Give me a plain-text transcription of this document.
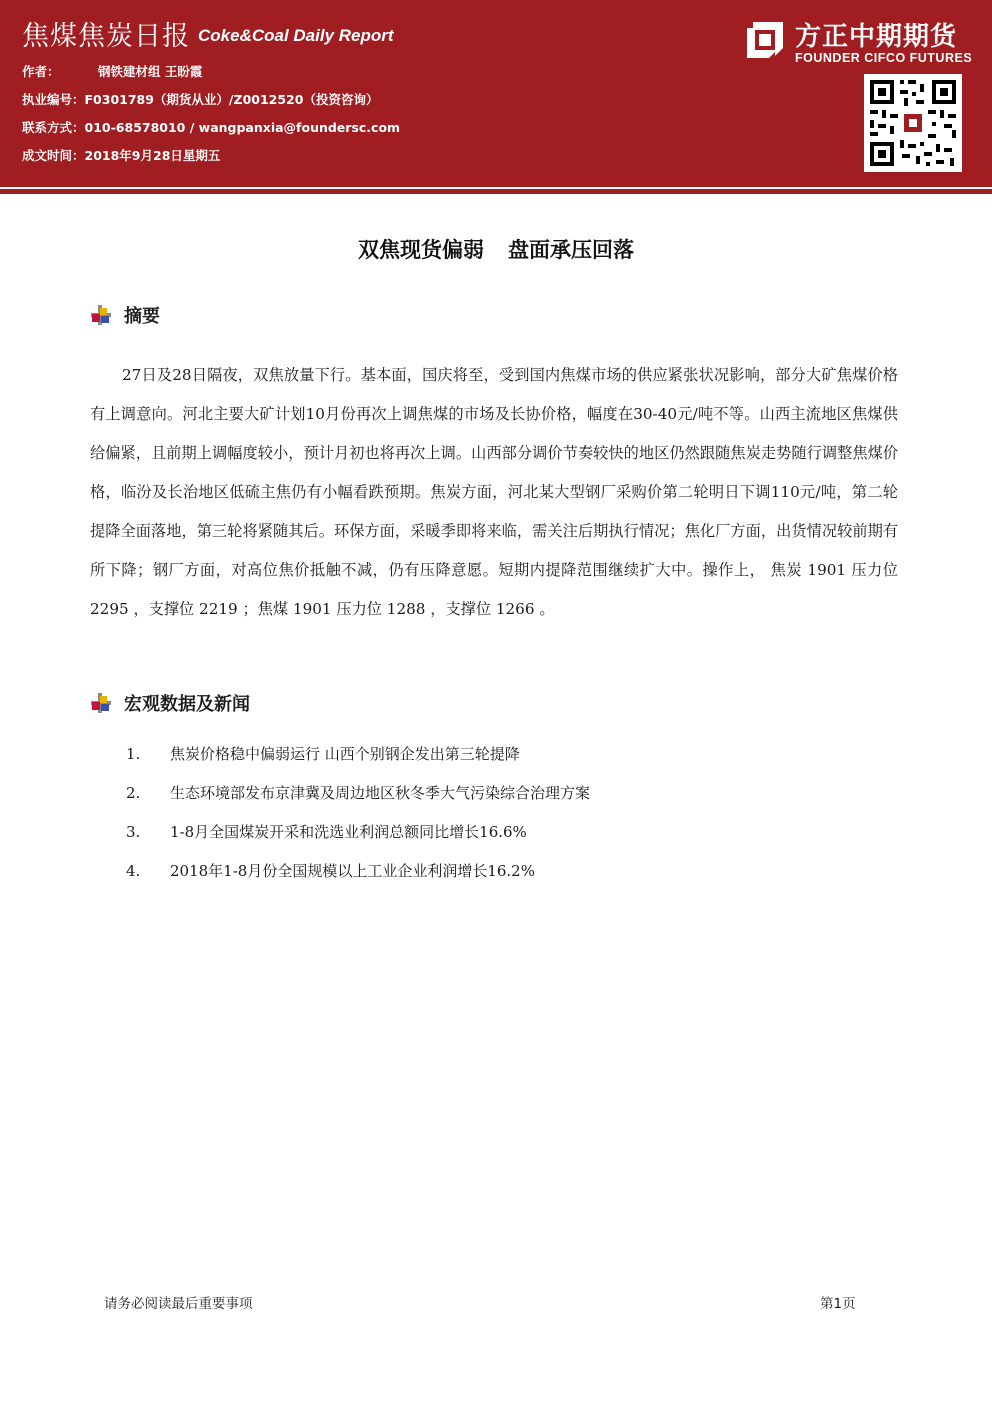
焦煤焦炭日报 Coke&Coal Daily Report
作者：	钢铁建材组 王盼霞
执业编号：F0301789（期货从业）/Z0012520（投资咨询）
联系方式：010-68578010 / wangpanxia@foundersc.com
成文时间：2018年9月28日星期五
方正中期期货
FOUNDER CIFCO FUTURES
双焦现货偏弱 盘面承压回落
摘要

27日及28日隔夜，双焦放量下行。基本面，国庆将至，受到国内焦煤市场的供应紧张状况影响，部分大矿焦煤价格有上调意向。河北主要大矿计划10月份再次上调焦煤的市场及长协价格，幅度在30-40元/吨不等。山西主流地区焦煤供给偏紧，且前期上调幅度较小，预计月初也将再次上调。山西部分调价节奏较快的地区仍然跟随焦炭走势随行调整焦煤价格，临汾及长治地区低硫主焦仍有小幅看跌预期。焦炭方面，河北某大型钢厂采购价第二轮明日下调110元/吨，第二轮提降全面落地，第三轮将紧随其后。环保方面，采暖季即将来临，需关注后期执行情况；焦化厂方面，出货情况较前期有所下降；钢厂方面，对高位焦价抵触不减，仍有压降意愿。短期内提降范围继续扩大中。操作上， 焦炭 1901 压力位 2295 ，支撑位 2219 ；焦煤 1901 压力位 1288 ，支撑位 1266 。

宏观数据及新闻
1. 焦炭价格稳中偏弱运行 山西个别钢企发出第三轮提降
2. 生态环境部发布京津冀及周边地区秋冬季大气污染综合治理方案
3. 1-8月全国煤炭开采和洗选业利润总额同比增长16.6%
4. 2018年1-8月份全国规模以上工业企业利润增长16.2%
请务必阅读最后重要事项	第1页
